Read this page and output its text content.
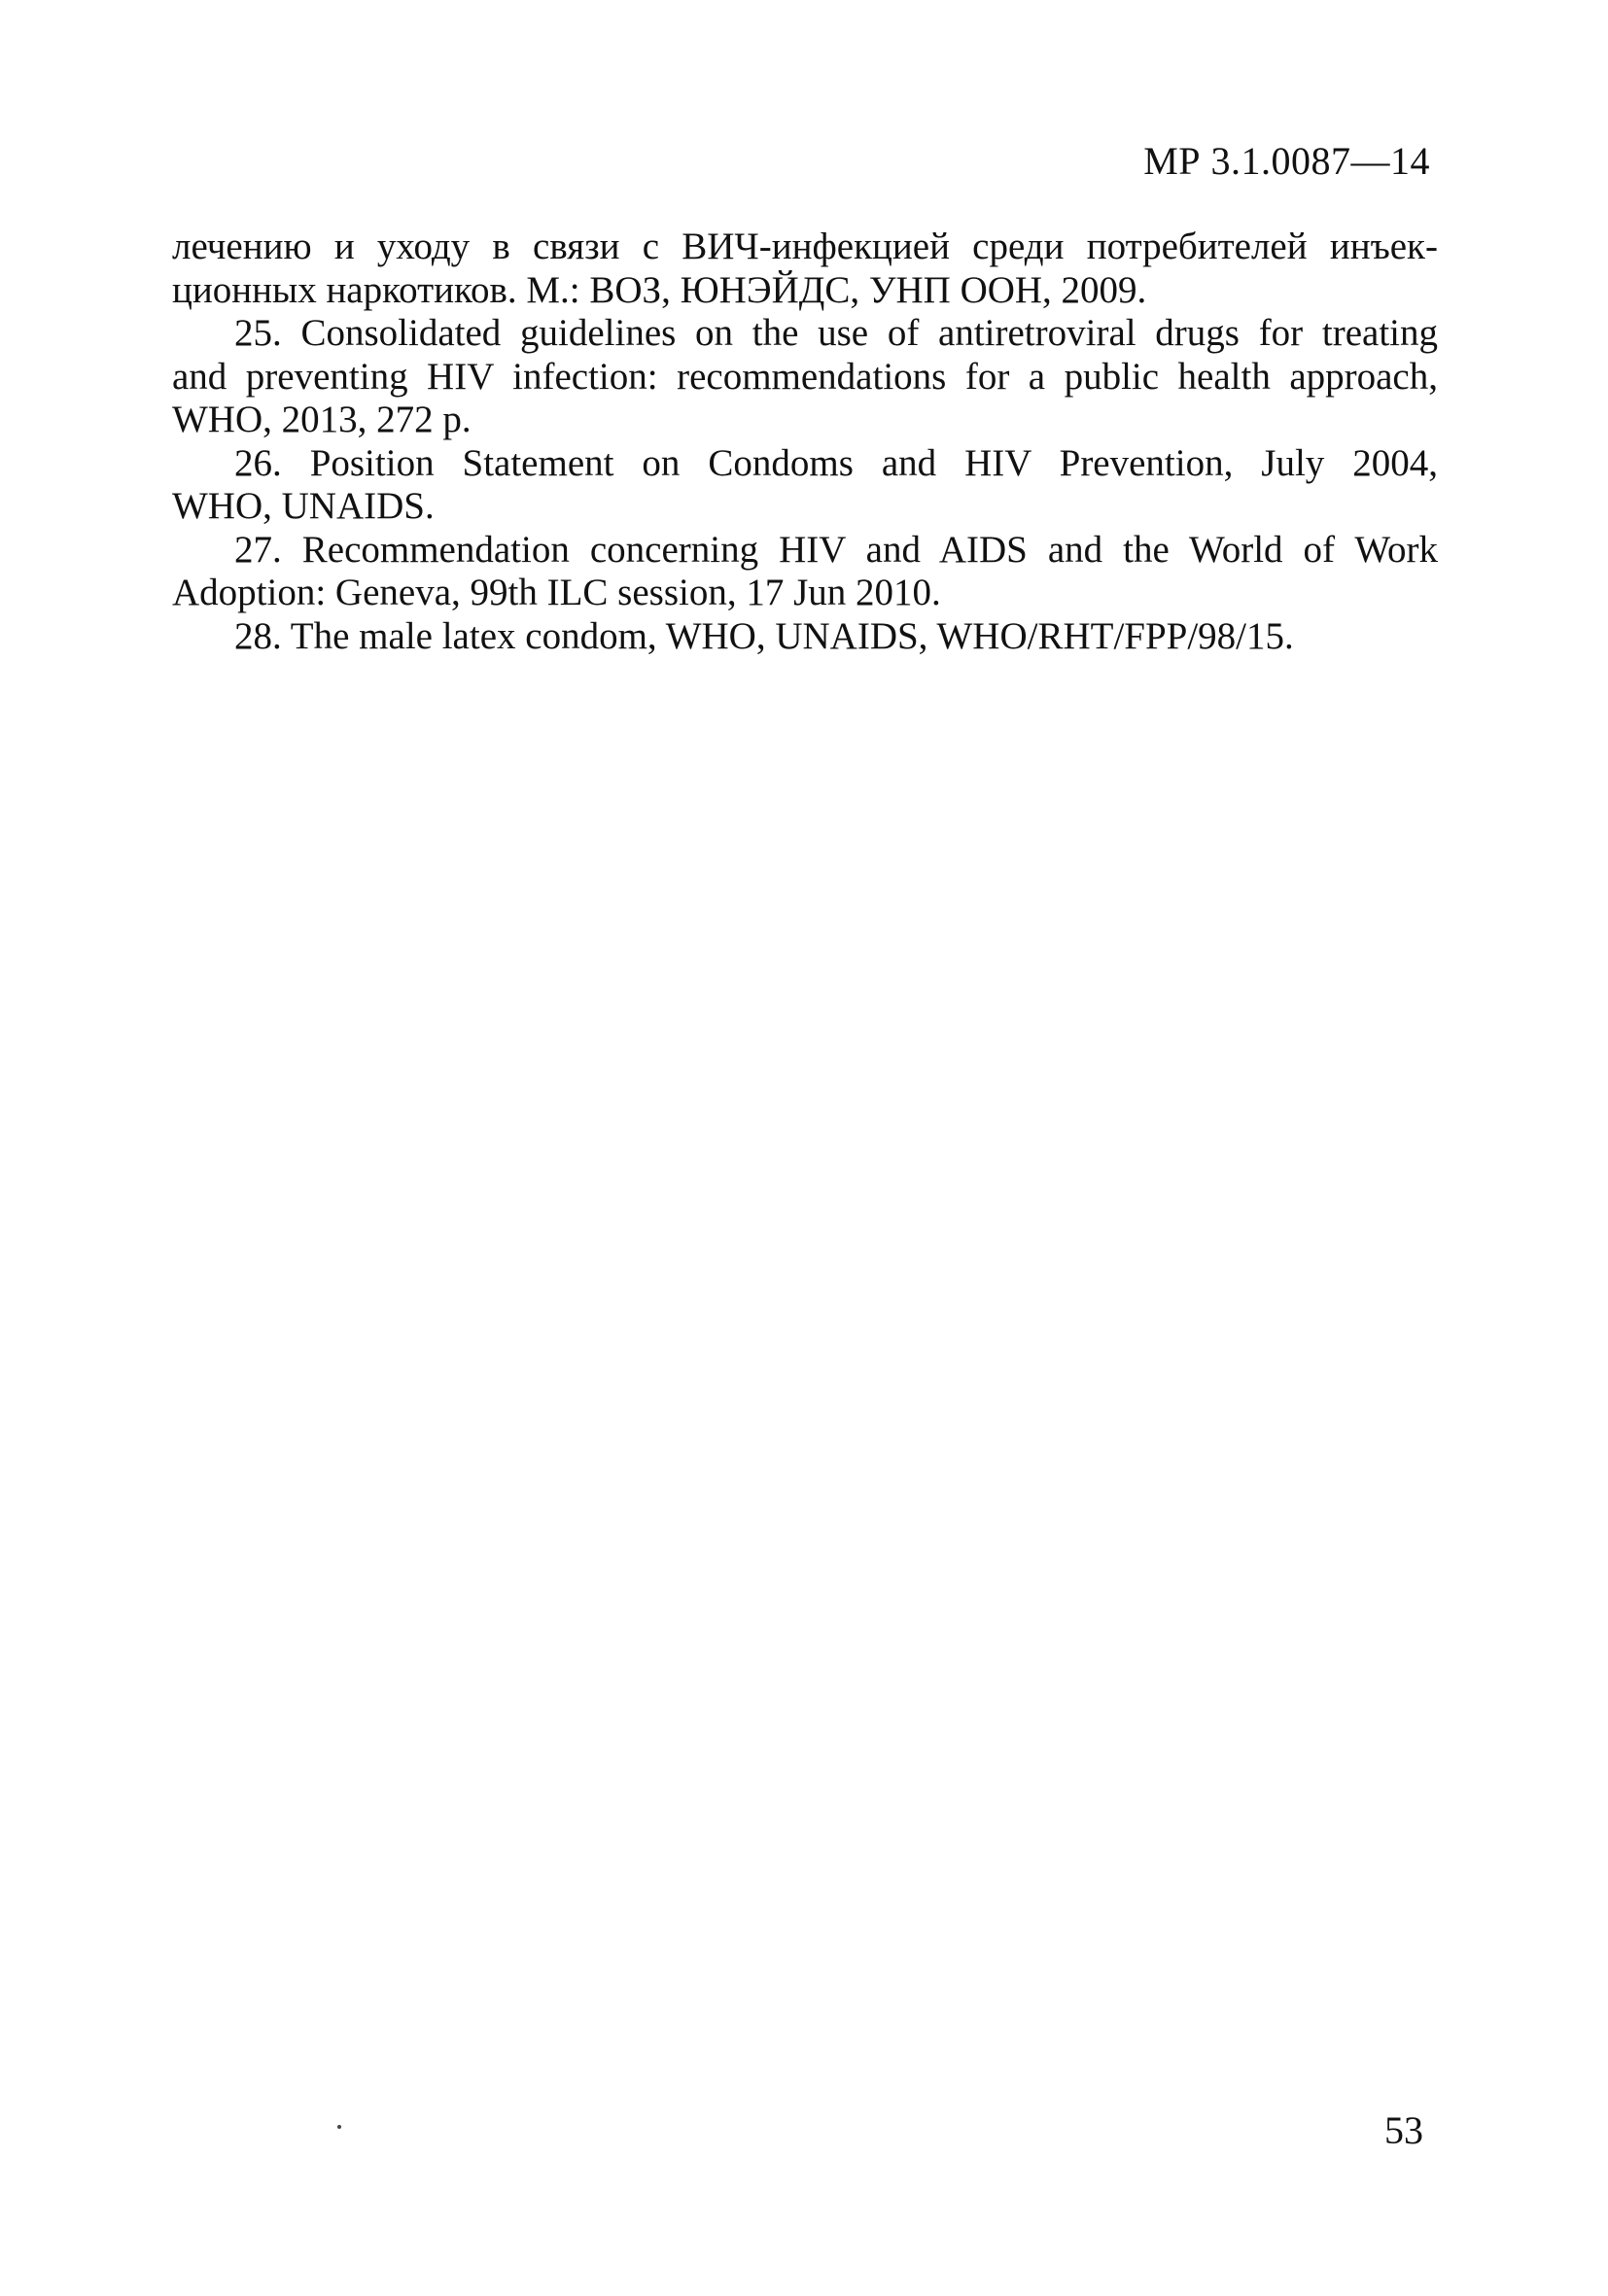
МР 3.1.0087—14

лечению и уходу в связи с ВИЧ-инфекцией среди потребителей инъек-
ционных наркотиков. М.: ВОЗ, ЮНЭЙДС, УНП ООН, 2009.

25. Consolidated guidelines on the use of antiretroviral drugs for treating
and preventing HIV infection: recommendations for a public health approach,
WHO, 2013, 272 p.

26. Position Statement on Condoms and HIV Prevention, July 2004,
WHO, UNAIDS.

27. Recommendation concerning HIV and AIDS and the World of Work
Adoption: Geneva, 99th ILC session, 17 Jun 2010.

28. The male latex condom, WHO, UNAIDS, WHO/RHT/FPP/98/15.

53
